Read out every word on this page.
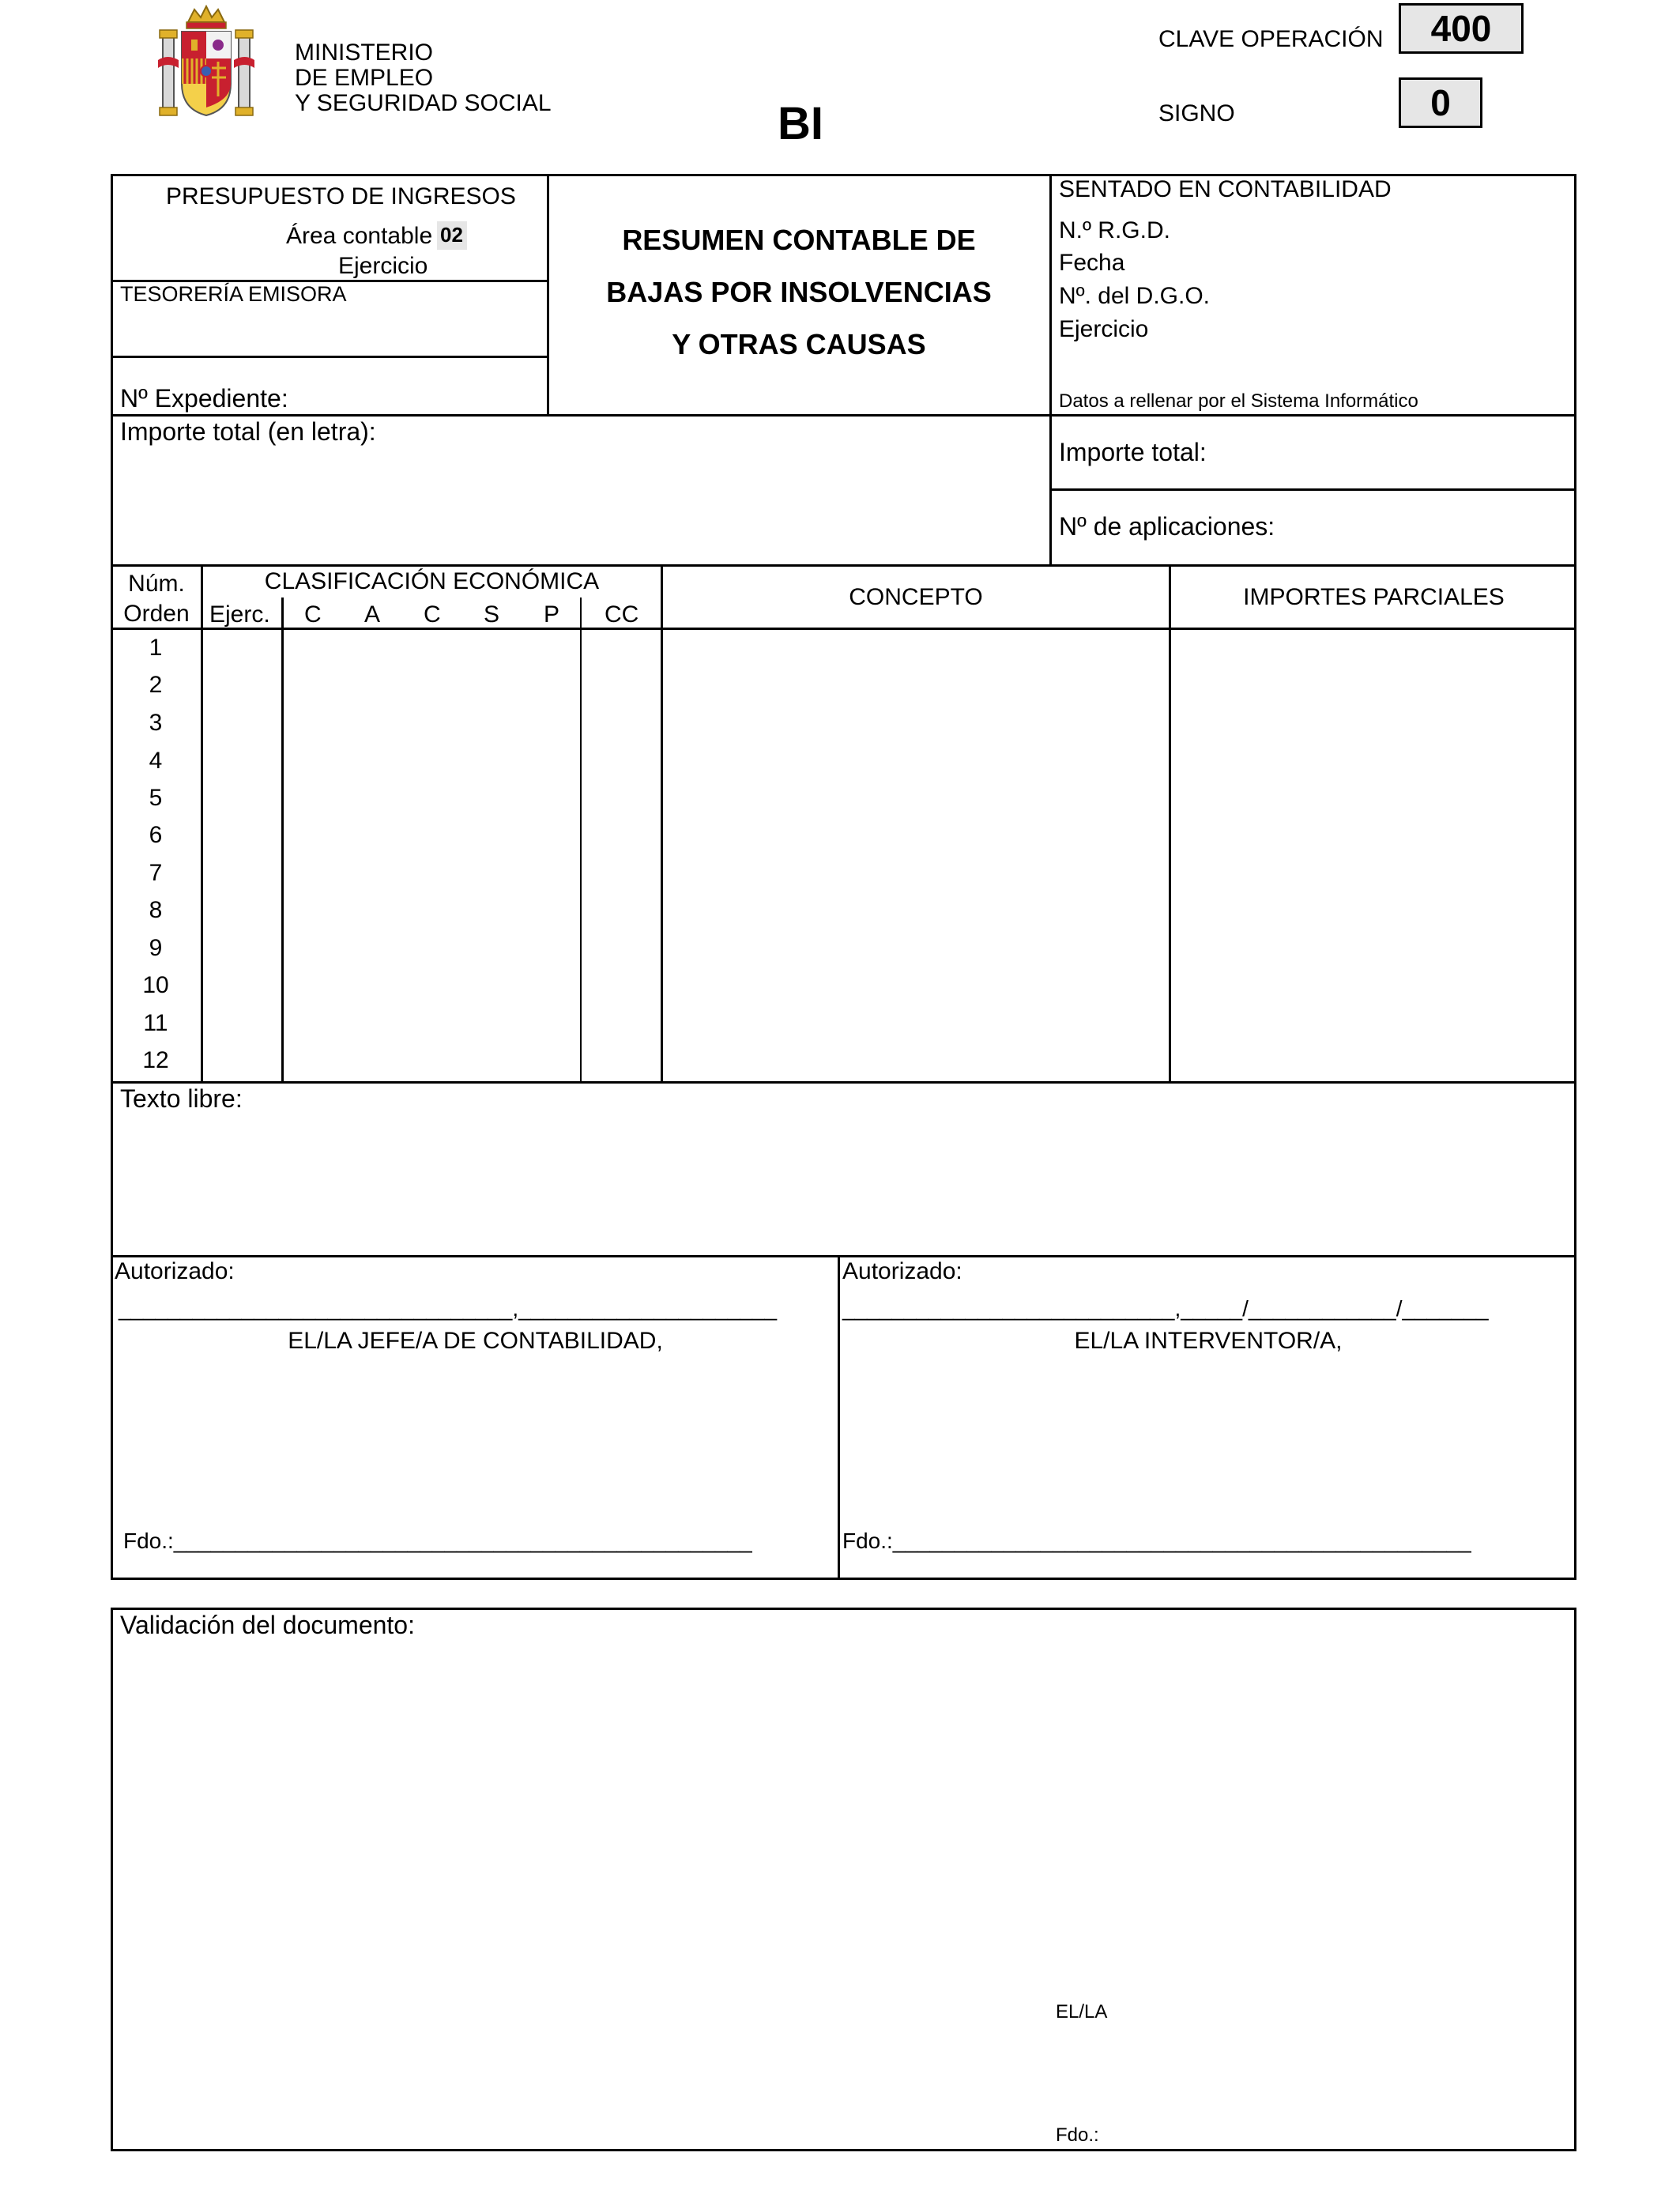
MINISTERIO
DE EMPLEO
Y SEGURIDAD SOCIAL	BI
CLAVE OPERACIÓN	400
SIGNO	0
PRESUPUESTO DE INGRESOS
Área contable 02
Ejercicio
TESORERÍA EMISORA
Nº Expediente:
RESUMEN CONTABLE DE
BAJAS POR INSOLVENCIAS
Y OTRAS CAUSAS
SENTADO EN CONTABILIDAD
N.º R.G.D.
Fecha
Nº. del D.G.O.
Ejercicio
Datos a rellenar por el Sistema Informático
Importe total (en letra):
Importe total:
Nº de aplicaciones:
Núm.
Orden
CLASIFICACIÓN ECONÓMICA
Ejerc. C A C S P CC
CONCEPTO	IMPORTES PARCIALES
1
2
3
4
5
6
7
8
9
10
11
12
Texto libre:
Autorizado:
________________________________,_____________________
EL/LA JEFE/A DE CONTABILIDAD,
Fdo.:_______________________________________________
Autorizado:
___________________________,_____/____________/_______
EL/LA INTERVENTOR/A,
Fdo.:_______________________________________________
Validación del documento:
EL/LA
Fdo.:
